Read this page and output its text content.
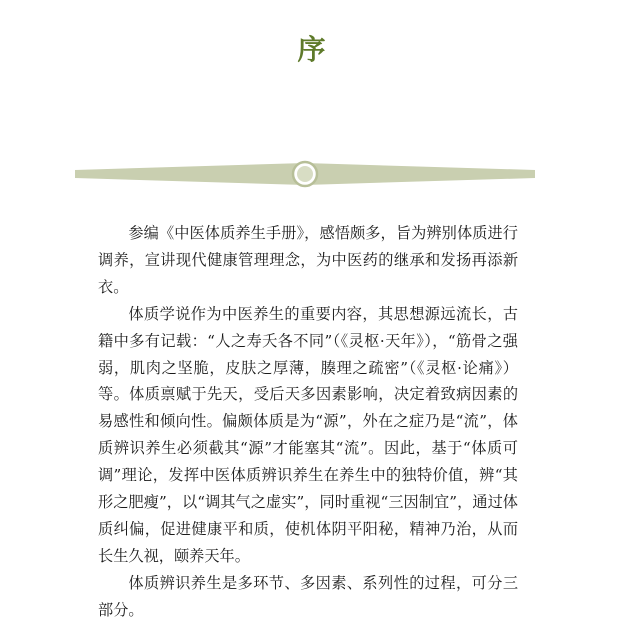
序

参编《中医体质养生手册》，感悟颇多，旨为辨别体质进行调养，宣讲现代健康管理理念，为中医药的继承和发扬再添新衣。

体质学说作为中医养生的重要内容，其思想源远流长，古籍中多有记载：“人之寿夭各不同”（《灵枢·天年》），“筋骨之强弱，肌肉之坚脆，皮肤之厚薄，腠理之疏密”（《灵枢·论痛》）等。体质禀赋于先天，受后天多因素影响，决定着致病因素的易感性和倾向性。偏颇体质是为“源”，外在之症乃是“流”，体质辨识养生必须截其“源”才能塞其“流”。因此，基于“体质可调”理论，发挥中医体质辨识养生在养生中的独特价值，辨“其形之肥瘦”，以“调其气之虚实”，同时重视“三因制宜”，通过体质纠偏，促进健康平和质，使机体阴平阳秘，精神乃治，从而长生久视，颐养天年。

体质辨识养生是多环节、多因素、系列性的过程，可分三部分。
